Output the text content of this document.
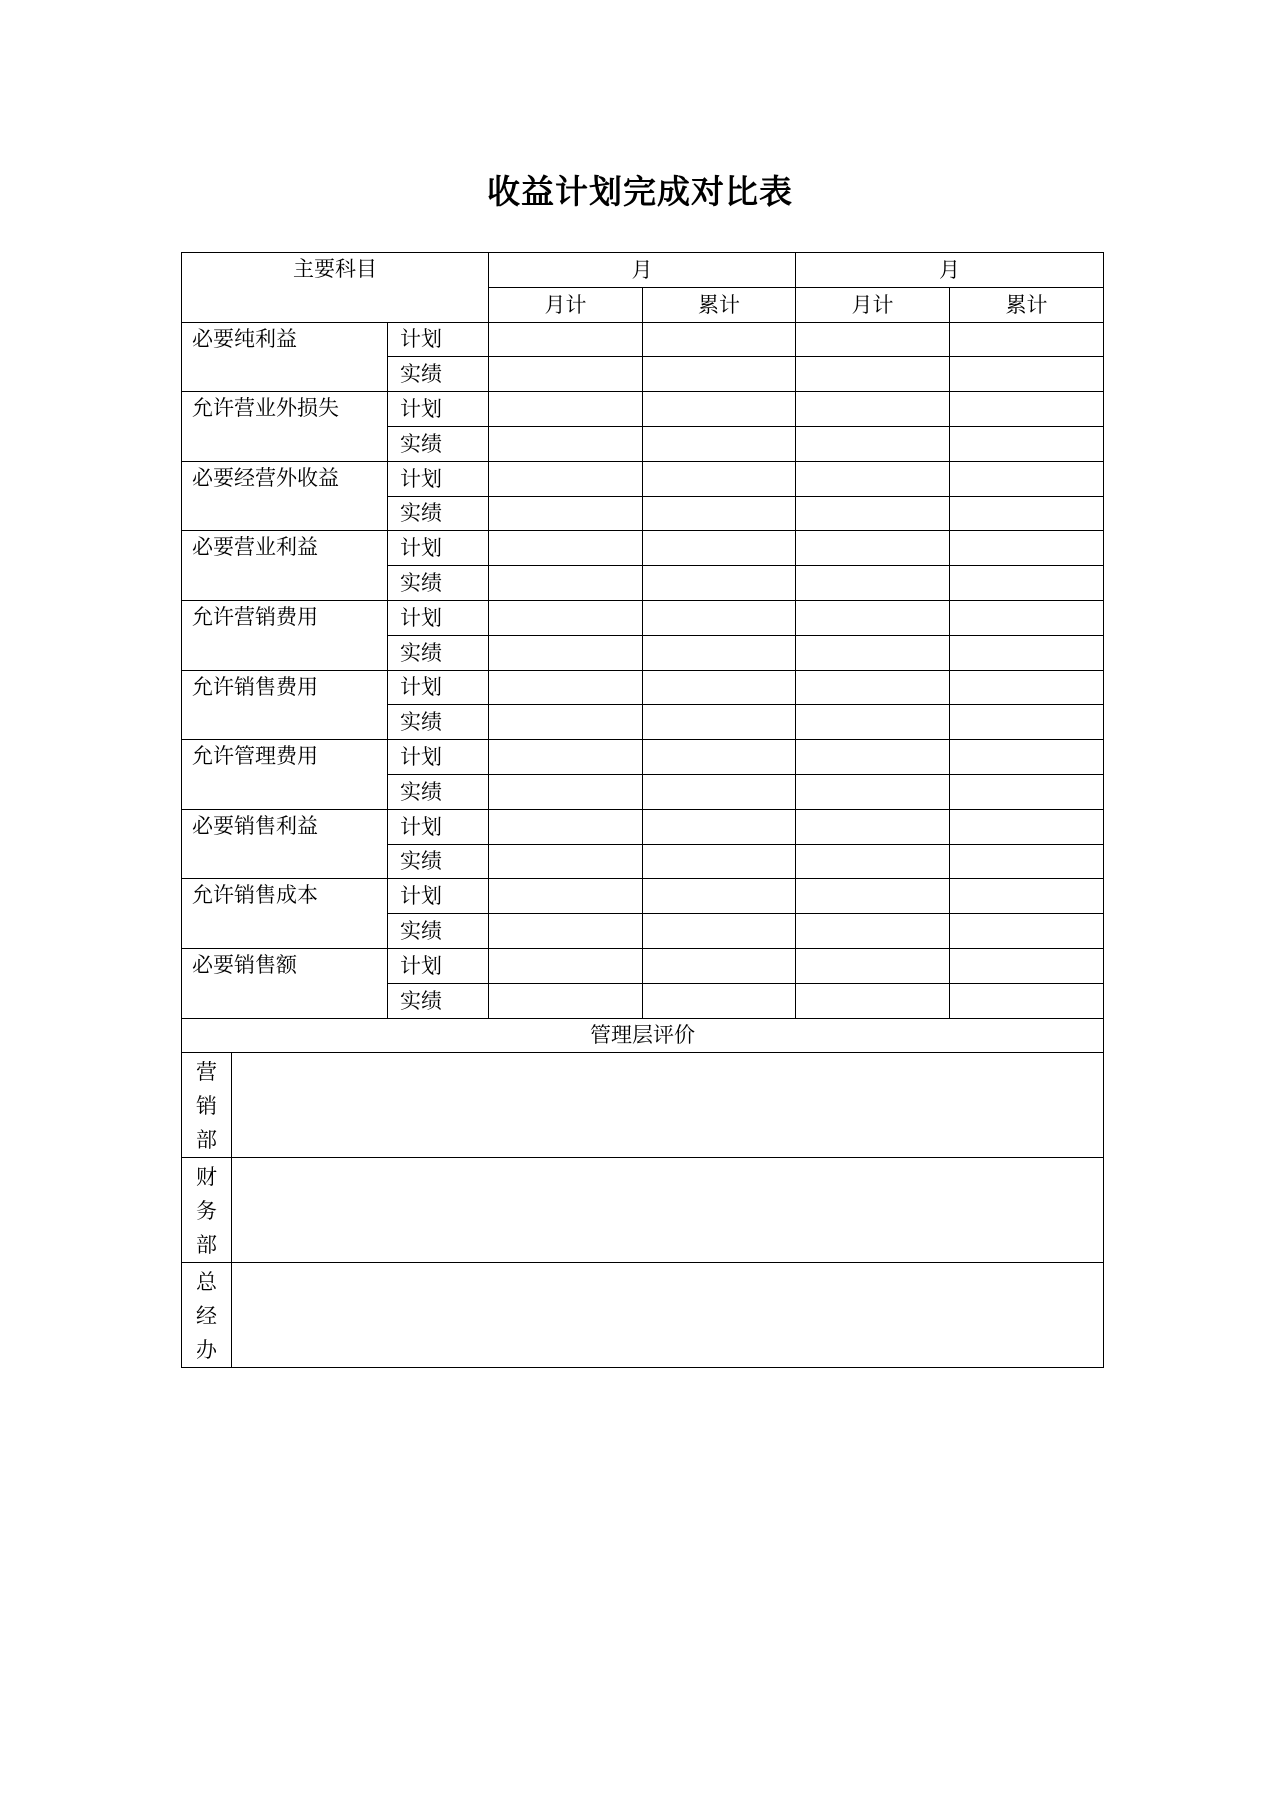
收益计划完成对比表
主要科目		月		月	
		月计	累计	月计	累计
必要纯利益	计划				
	实绩				
允许营业外损失	计划				
	实绩				
必要经营外收益	计划				
	实绩				
必要营业利益	计划				
	实绩				
允许营销费用	计划				
	实绩				
允许销售费用	计划				
	实绩				
允许管理费用	计划				
	实绩				
必要销售利益	计划				
	实绩				
允许销售成本	计划				
	实绩				
必要销售额	计划				
	实绩				
管理层评价					

营
销
部					

财
务
部					

总
经
办					
